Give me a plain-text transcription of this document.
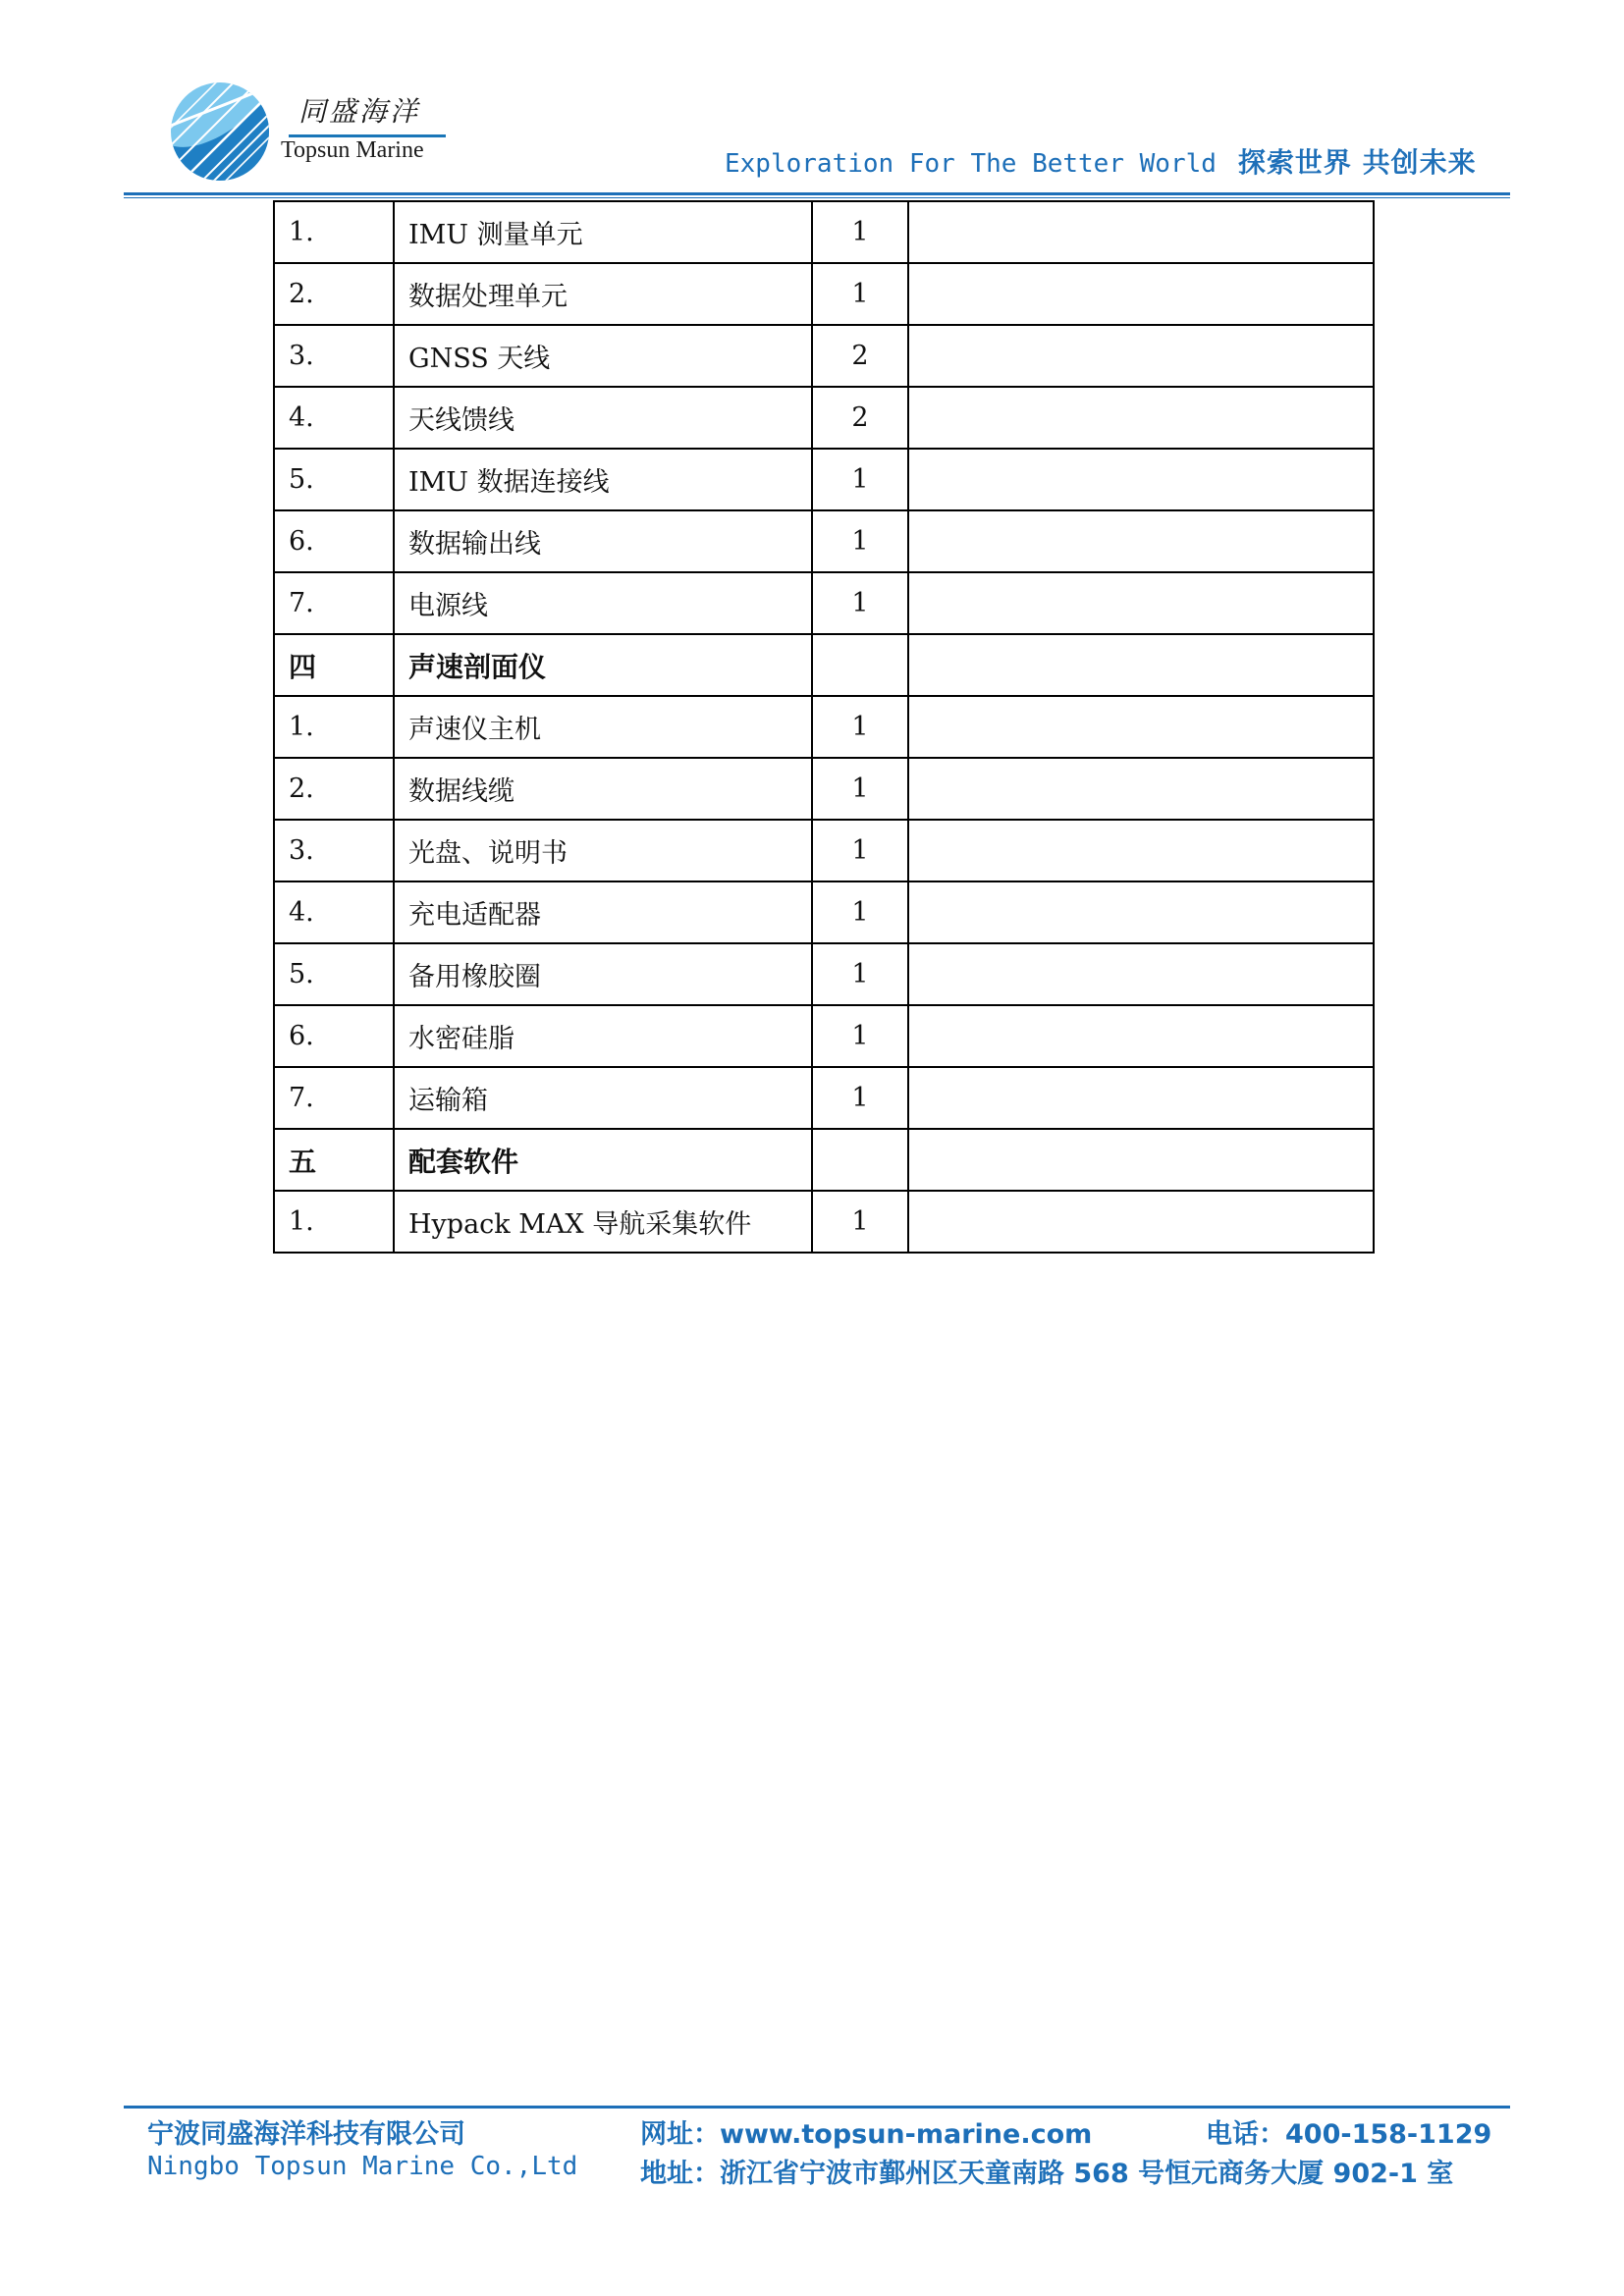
同盛海洋
Topsun Marine	Exploration For The Better World 探索世界 共创未来
1.	IMU 测量单元	1	
2.	数据处理单元	1	
3.	GNSS 天线	2	
4.	天线馈线	2	
5.	IMU 数据连接线	1	
6.	数据输出线	1	
7.	电源线	1	
四	声速剖面仪		
1.	声速仪主机	1	
2.	数据线缆	1	
3.	光盘、说明书	1	
4.	充电适配器	1	
5.	备用橡胶圈	1	
6.	水密硅脂	1	
7.	运输箱	1	
五	配套软件		
1.	Hypack MAX 导航采集软件	1	
宁波同盛海洋科技有限公司
Ningbo Topsun Marine Co.,Ltd
网址：www.topsun-marine.com	电话：400-158-1129
地址：浙江省宁波市鄞州区天童南路 568 号恒元商务大厦 902-1 室
